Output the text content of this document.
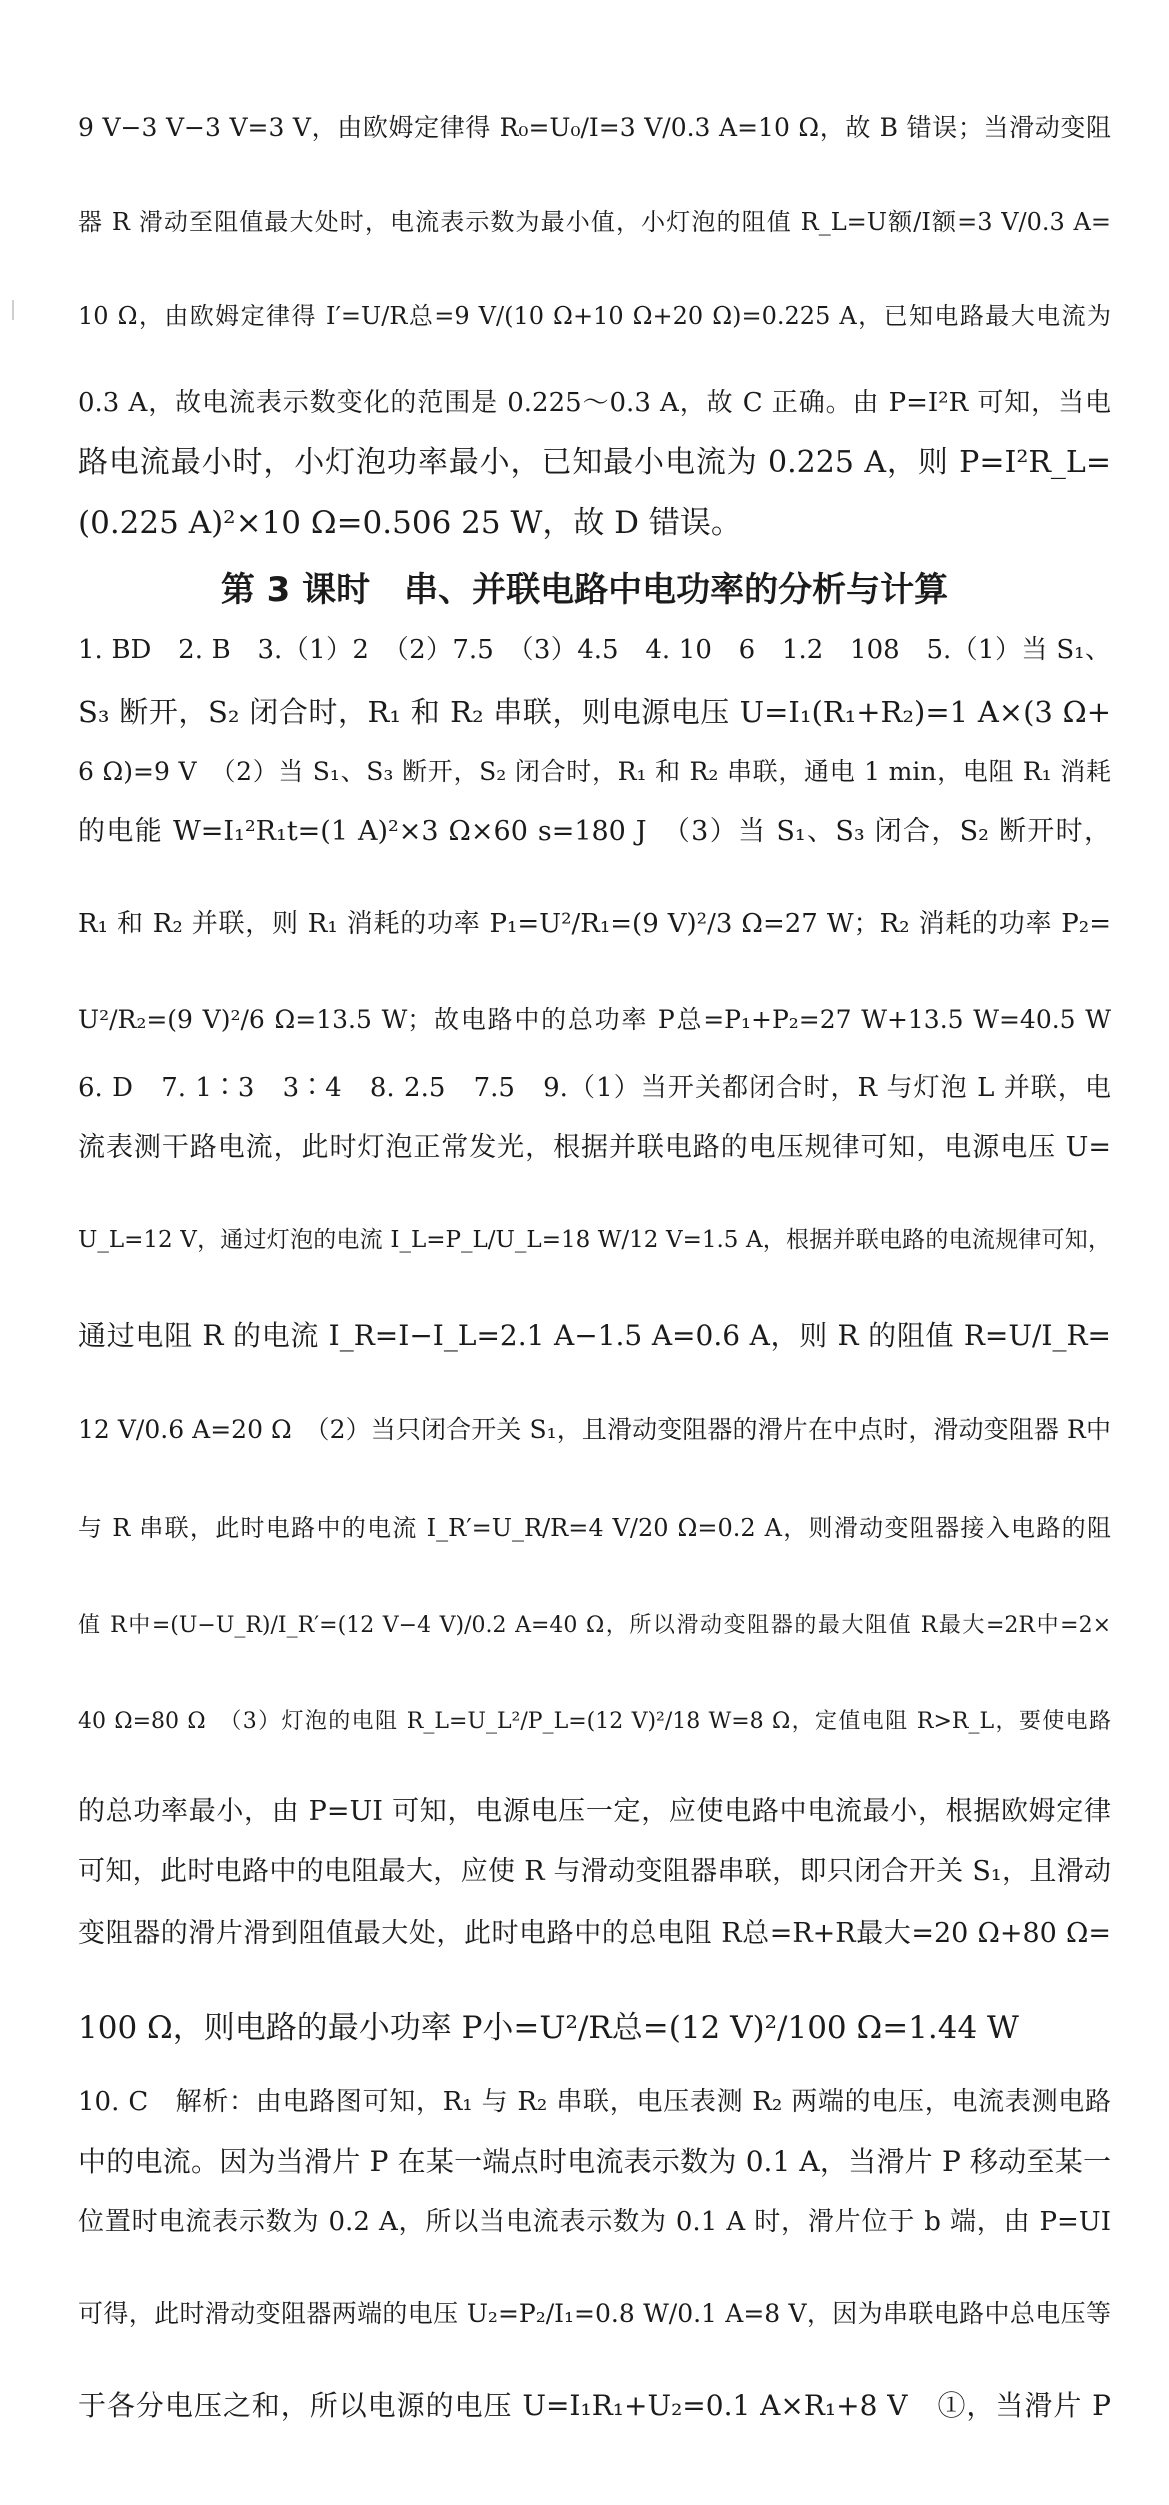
9 V−3 V−3 V=3 V，由欧姆定律得 R₀=U₀/I=3 V/0.3 A=10 Ω，故 B 错误；当滑动变阻
器 R 滑动至阻值最大处时，电流表示数为最小值，小灯泡的阻值 R_L=U额/I额=3 V/0.3 A=
10 Ω，由欧姆定律得 I′=U/R总=9 V/(10 Ω+10 Ω+20 Ω)=0.225 A，已知电路最大电流为
0.3 A，故电流表示数变化的范围是 0.225～0.3 A，故 C 正确。由 P=I²R 可知，当电
路电流最小时，小灯泡功率最小，已知最小电流为 0.225 A，则 P=I²R_L=
(0.225 A)²×10 Ω=0.506 25 W，故 D 错误。
第 3 课时　串、并联电路中电功率的分析与计算
1. BD　2. B　3.（1）2　（2）7.5　（3）4.5　4. 10　6　1.2　108　5.（1）当 S₁、
S₃ 断开，S₂ 闭合时，R₁ 和 R₂ 串联，则电源电压 U=I₁(R₁+R₂)=1 A×(3 Ω+
6 Ω)=9 V　（2）当 S₁、S₃ 断开，S₂ 闭合时，R₁ 和 R₂ 串联，通电 1 min，电阻 R₁ 消耗
的电能 W=I₁²R₁t=(1 A)²×3 Ω×60 s=180 J　（3）当 S₁、S₃ 闭合，S₂ 断开时，
R₁ 和 R₂ 并联，则 R₁ 消耗的功率 P₁=U²/R₁=(9 V)²/3 Ω=27 W；R₂ 消耗的功率 P₂=
U²/R₂=(9 V)²/6 Ω=13.5 W；故电路中的总功率 P总=P₁+P₂=27 W+13.5 W=40.5 W
6. D　7. 1∶3　3∶4　8. 2.5　7.5　9.（1）当开关都闭合时，R 与灯泡 L 并联，电
流表测干路电流，此时灯泡正常发光，根据并联电路的电压规律可知，电源电压 U=
U_L=12 V，通过灯泡的电流 I_L=P_L/U_L=18 W/12 V=1.5 A，根据并联电路的电流规律可知，
通过电阻 R 的电流 I_R=I−I_L=2.1 A−1.5 A=0.6 A，则 R 的阻值 R=U/I_R=
12 V/0.6 A=20 Ω　（2）当只闭合开关 S₁，且滑动变阻器的滑片在中点时，滑动变阻器 R中
与 R 串联，此时电路中的电流 I_R′=U_R/R=4 V/20 Ω=0.2 A，则滑动变阻器接入电路的阻
值 R中=(U−U_R)/I_R′=(12 V−4 V)/0.2 A=40 Ω，所以滑动变阻器的最大阻值 R最大=2R中=2×
40 Ω=80 Ω　（3）灯泡的电阻 R_L=U_L²/P_L=(12 V)²/18 W=8 Ω，定值电阻 R>R_L，要使电路
的总功率最小，由 P=UI 可知，电源电压一定，应使电路中电流最小，根据欧姆定律
可知，此时电路中的电阻最大，应使 R 与滑动变阻器串联，即只闭合开关 S₁，且滑动
变阻器的滑片滑到阻值最大处，此时电路中的总电阻 R总=R+R最大=20 Ω+80 Ω=
100 Ω，则电路的最小功率 P小=U²/R总=(12 V)²/100 Ω=1.44 W
10. C　解析：由电路图可知，R₁ 与 R₂ 串联，电压表测 R₂ 两端的电压，电流表测电路
中的电流。因为当滑片 P 在某一端点时电流表示数为 0.1 A，当滑片 P 移动至某一
位置时电流表示数为 0.2 A，所以当电流表示数为 0.1 A 时，滑片位于 b 端，由 P=UI
可得，此时滑动变阻器两端的电压 U₂=P₂/I₁=0.8 W/0.1 A=8 V，因为串联电路中总电压等
于各分电压之和，所以电源的电压 U=I₁R₁+U₂=0.1 A×R₁+8 V　①，当滑片 P
